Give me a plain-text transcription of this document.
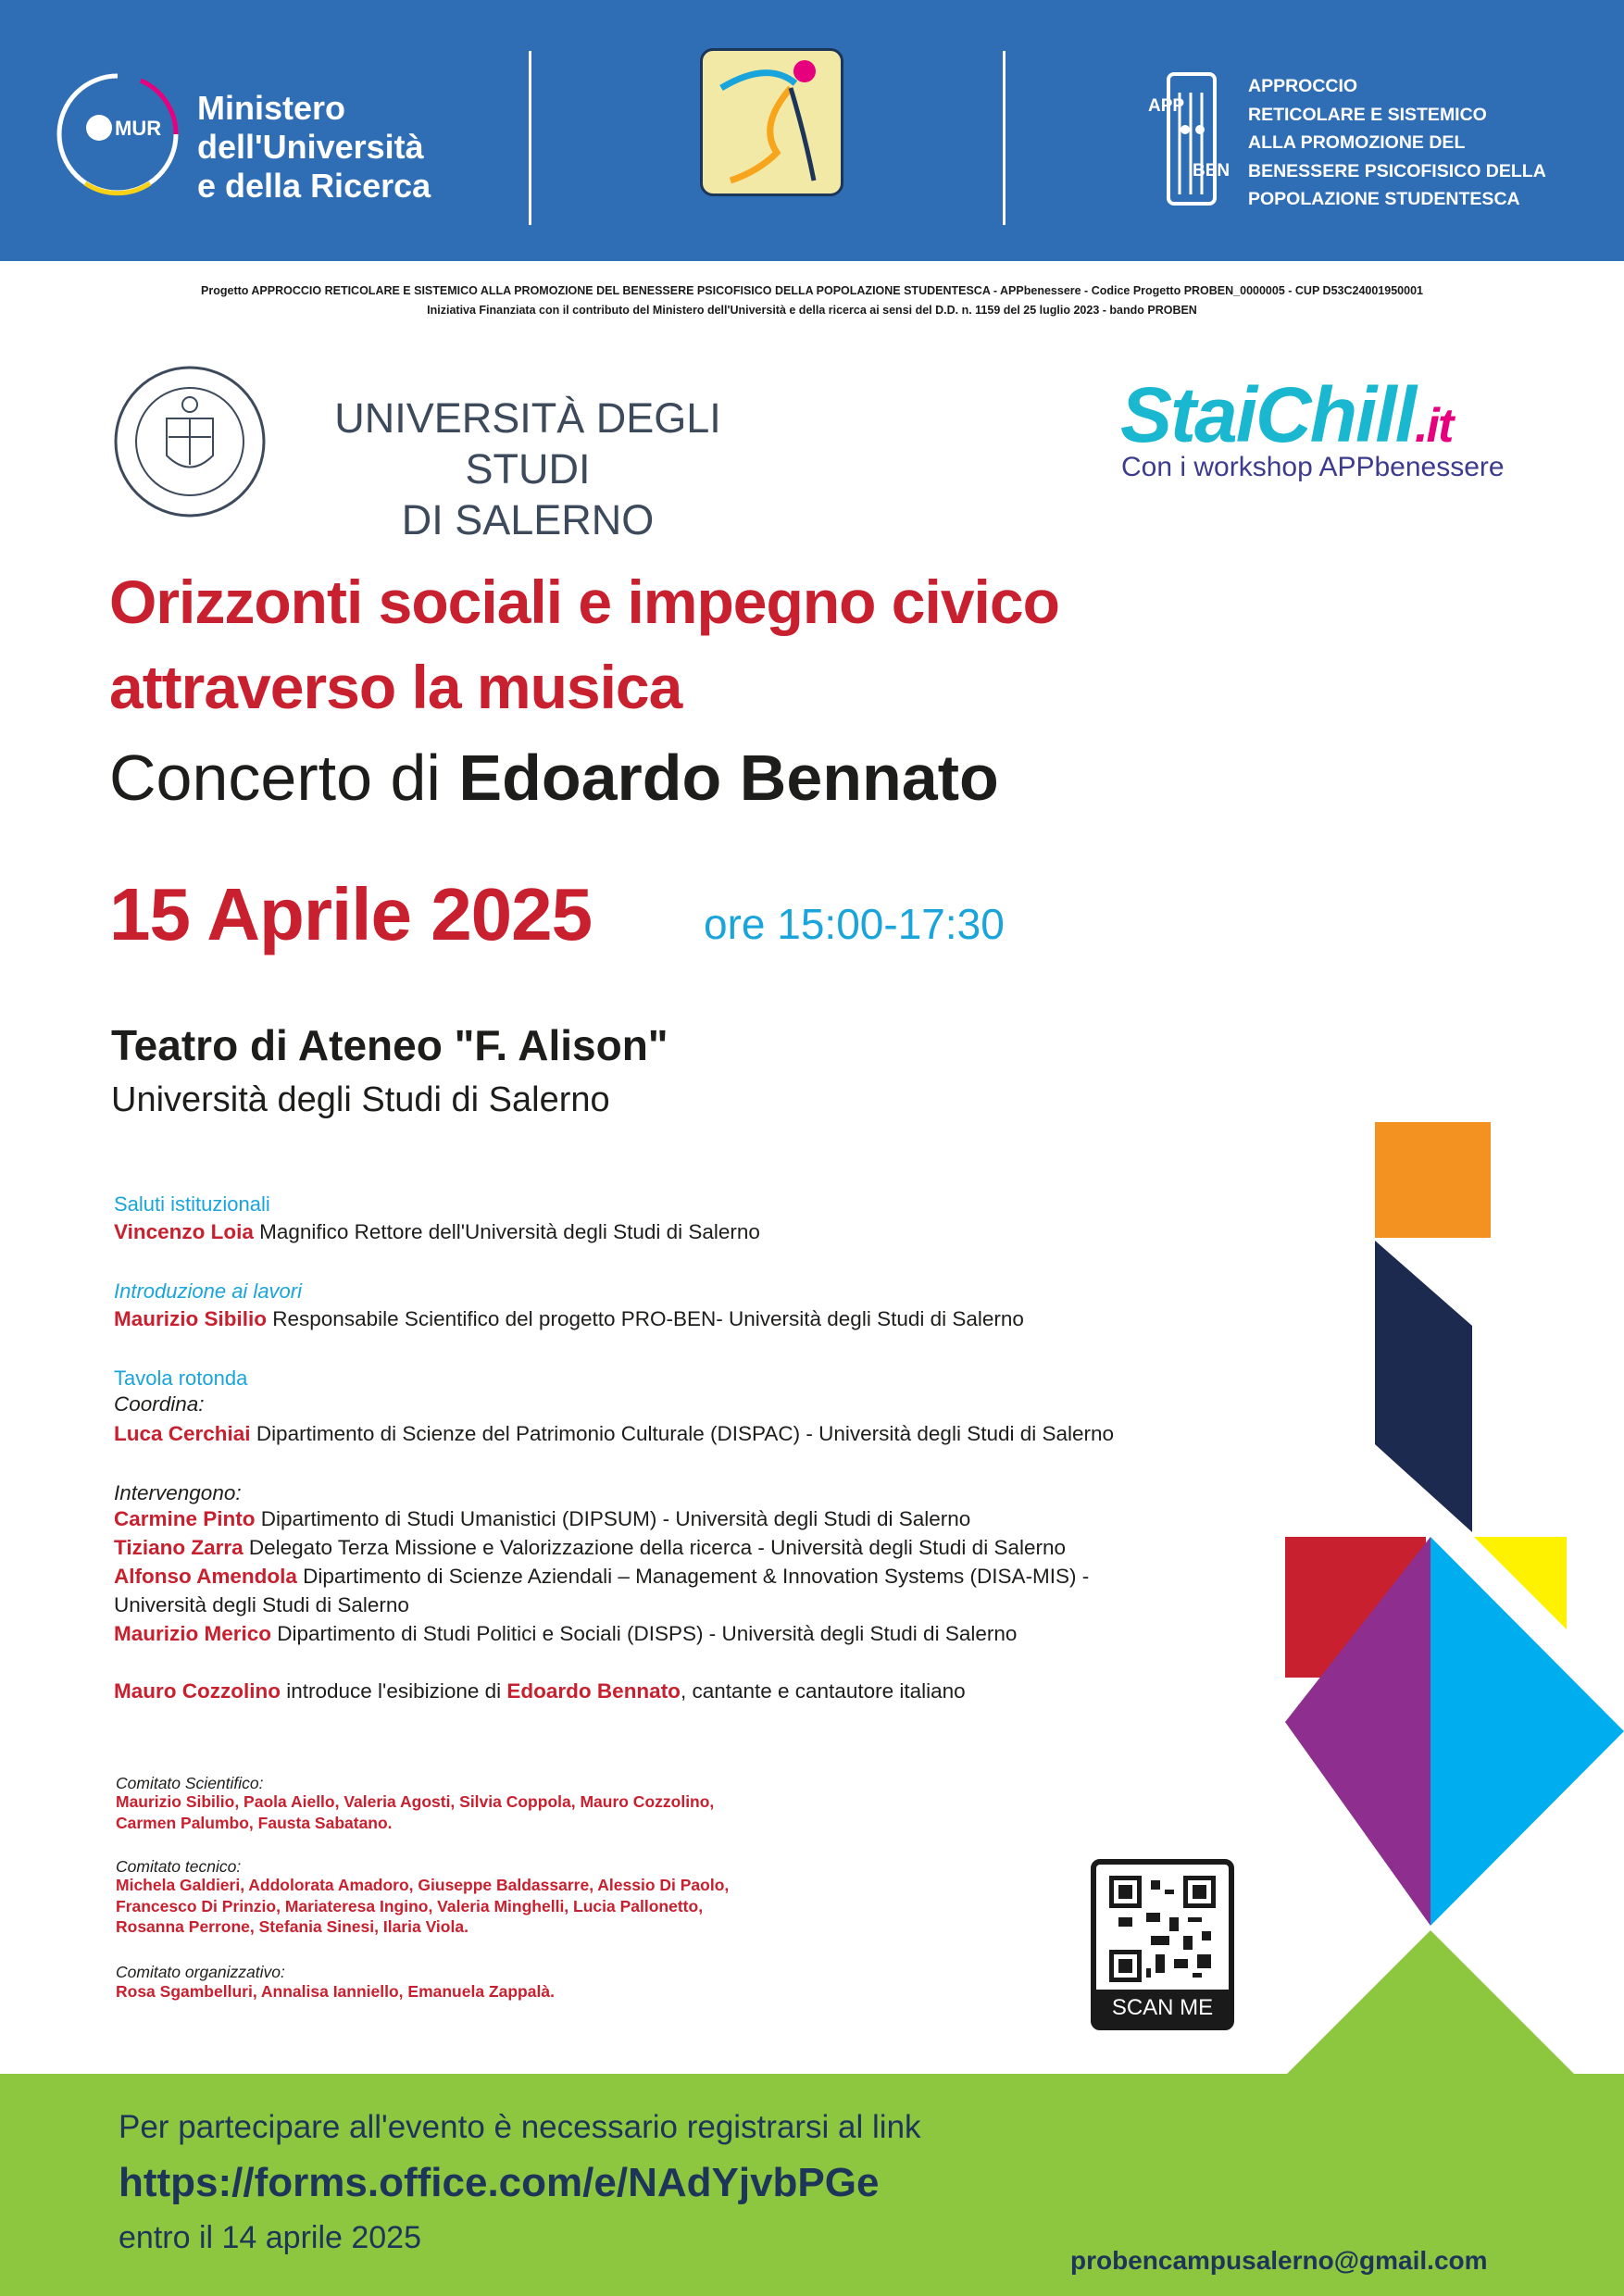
MUR
Ministero
dell'Università
e della Ricerca
PRO-BEN
APP
BEN
APPROCCIO
RETICOLARE E SISTEMICO
ALLA PROMOZIONE DEL
BENESSERE PSICOFISICO DELLA
POPOLAZIONE STUDENTESCA
Progetto APPROCCIO RETICOLARE E SISTEMICO ALLA PROMOZIONE DEL BENESSERE PSICOFISICO DELLA POPOLAZIONE STUDENTESCA - APPbenessere - Codice Progetto PROBEN_0000005 - CUP D53C24001950001
Iniziativa Finanziata con il contributo del Ministero dell'Università e della ricerca ai sensi del D.D. n. 1159 del 25 luglio 2023 - bando PROBEN
UNIVERSITÀ DEGLI STUDI
DI SALERNO
StaiChill.it
Con i workshop APPbenessere
Orizzonti sociali e impegno civico
attraverso la musica
Concerto di Edoardo Bennato
15 Aprile 2025	ore 15:00-17:30
Teatro di Ateneo "F. Alison"
Università degli Studi di Salerno
Saluti istituzionali
Vincenzo Loia Magnifico Rettore dell'Università degli Studi di Salerno
Introduzione ai lavori
Maurizio Sibilio Responsabile Scientifico del progetto PRO-BEN- Università degli Studi di Salerno
Tavola rotonda
Coordina:
Luca Cerchiai Dipartimento di Scienze del Patrimonio Culturale (DISPAC) - Università degli Studi di Salerno
Intervengono:
Carmine Pinto Dipartimento di Studi Umanistici (DIPSUM) - Università degli Studi di Salerno
Tiziano Zarra Delegato Terza Missione e Valorizzazione della ricerca - Università degli Studi di Salerno
Alfonso Amendola Dipartimento di Scienze Aziendali – Management & Innovation Systems (DISA-MIS) -
Università degli Studi di Salerno
Maurizio Merico Dipartimento di Studi Politici e Sociali (DISPS) - Università degli Studi di Salerno
Mauro Cozzolino introduce l'esibizione di Edoardo Bennato, cantante e cantautore italiano
Comitato Scientifico:
Maurizio Sibilio, Paola Aiello, Valeria Agosti, Silvia Coppola, Mauro Cozzolino,
Carmen Palumbo, Fausta Sabatano.
Comitato tecnico:
Michela Galdieri, Addolorata Amadoro, Giuseppe Baldassarre, Alessio Di Paolo,
Francesco Di Prinzio, Mariateresa Ingino, Valeria Minghelli, Lucia Pallonetto,
Rosanna Perrone, Stefania Sinesi, Ilaria Viola.
Comitato organizzativo:
Rosa Sgambelluri, Annalisa Ianniello, Emanuela Zappalà.
SCAN ME
Per partecipare all'evento è necessario registrarsi al link
https://forms.office.com/e/NAdYjvbPGe
entro il 14 aprile 2025
probencampusalerno@gmail.com
